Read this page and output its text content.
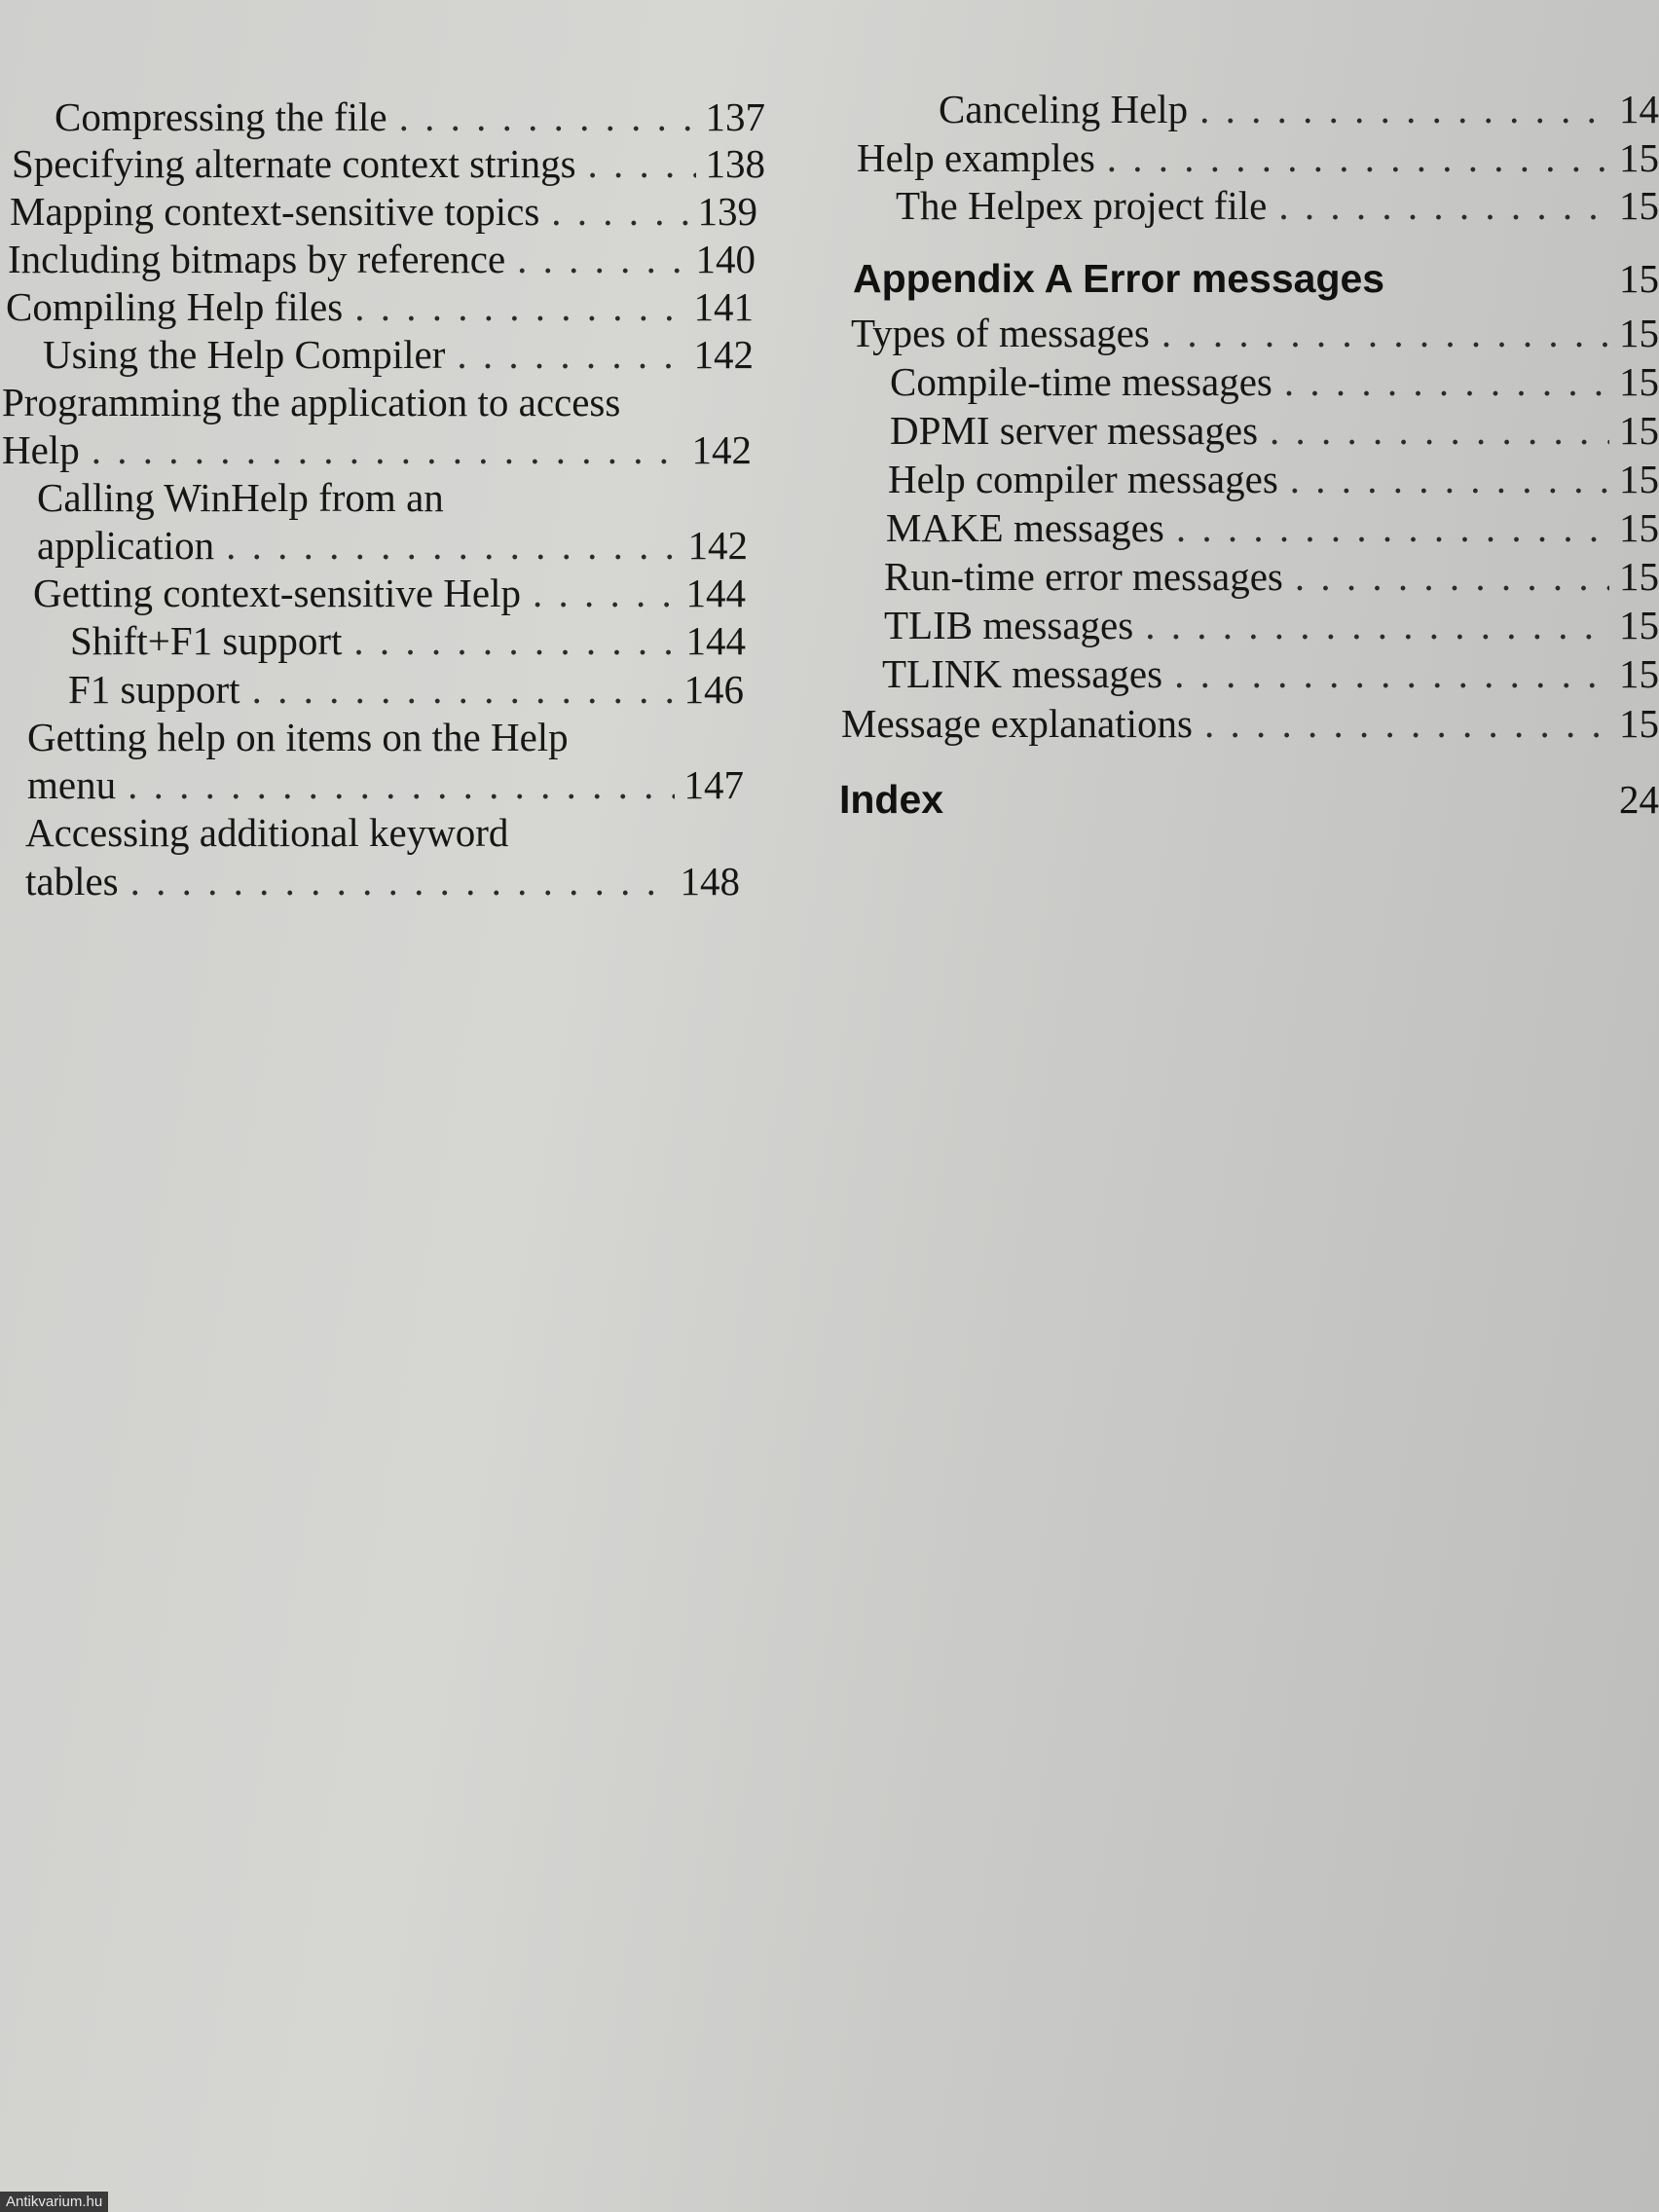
Compressing the file . . .	137
Specifying alternate context strings . . .	138
Mapping context-sensitive topics . . .	139
Including bitmaps by reference . . .	140
Compiling Help files . . .	141
Using the Help Compiler . . .	142
Programming the application to access
Help . . .	142
Calling WinHelp from an
application . . .	142
Getting context-sensitive Help . . .	144
Shift+F1 support . . .	144
F1 support . . .	146
Getting help on items on the Help
menu . . .	147
Accessing additional keyword
tables . . .	148
Canceling Help . . .	14
Help examples . . .	15
The Helpex project file . . .	15
Appendix A Error messages	15
Types of messages . . .	15
Compile-time messages . . .	15
DPMI server messages . . .	15
Help compiler messages . . .	15
MAKE messages . . .	15
Run-time error messages . . .	15
TLIB messages . . .	15
TLINK messages . . .	15
Message explanations . . .	15
Index	24
Antikvarium.hu
